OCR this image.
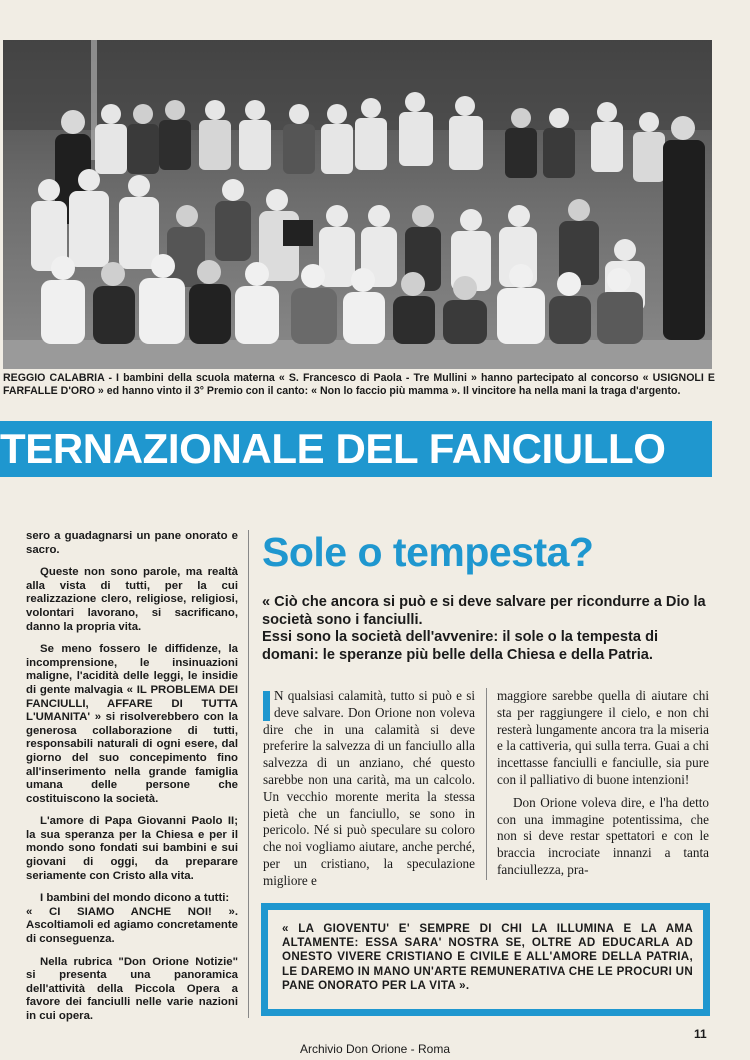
REGGIO CALABRIA - I bambini della scuola materna « S. Francesco di Paola - Tre Mullini » hanno partecipato al concorso « USIGNOLI E FARFALLE D'ORO » ed hanno vinto il 3° Premio con il canto: « Non lo faccio più mamma ». Il vincitore ha nella mani la traga d'argento.
TERNAZIONALE DEL FANCIULLO

sero a guadagnarsi un pane onorato e sacro.

Queste non sono parole, ma realtà alla vista di tutti, per la cui realizzazione clero, religiose, religiosi, volontari lavorano, si sacrificano, danno la propria vita.

Se meno fossero le diffidenze, la incomprensione, le insinuazioni maligne, l'acidità delle leggi, le insidie di gente malvagia « IL PROBLEMA DEI FANCIULLI, AFFARE DI TUTTA L'UMANITA' » si risolverebbero con la generosa collaborazione di tutti, responsabili naturali di ogni esere, dal giorno del suo concepimento fino all'inserimento nella grande famiglia umana delle persone che costituiscono la società.

L'amore di Papa Giovanni Paolo II; la sua speranza per la Chiesa e per il mondo sono fondati sui bambini e sui giovani di oggi, da preparare seriamente con Cristo alla vita.

I bambini del mondo dicono a tutti:

« CI SIAMO ANCHE NOI! ». Ascoltiamoli ed agiamo concretamente di conseguenza.

Nella rubrica "Don Orione Notizie" si presenta una panoramica dell'attività della Piccola Opera a favore dei fanciulli nelle varie nazioni in cui opera.

Sole o tempesta?

« Ciò che ancora si può e si deve salvare per ricondurre a Dio la società sono i fanciulli.

Essi sono la società dell'avvenire: il sole o la tempesta di domani: le speranze più belle della Chiesa e della Patria.

N qualsiasi calamità, tutto si può e si deve salvare. Don Orione non voleva dire che in una calamità si deve preferire la salvezza di un fanciullo alla salvezza di un anziano, ché questo sarebbe non una carità, ma un calcolo. Un vecchio morente merita la stessa pietà che un fanciullo, se sono in pericolo. Né si può speculare su coloro che noi vogliamo aiutare, anche perché, per un cristiano, la speculazione migliore e

maggiore sarebbe quella di aiutare chi sta per raggiungere il cielo, e non chi resterà lungamente ancora tra la miseria e la cattiveria, qui sulla terra. Guai a chi incettasse fanciulli e fanciulle, sia pure con il palliativo di buone intenzioni!

Don Orione voleva dire, e l'ha detto con una immagine potentissima, che non si deve restar spettatori e con le braccia incrociate innanzi a tanta fanciullezza, pra-

« LA GIOVENTU' E' SEMPRE DI CHI LA ILLUMINA E LA AMA ALTAMENTE: ESSA SARA' NOSTRA SE, OLTRE AD EDUCARLA AD ONESTO VIVERE CRISTIANO E CIVILE E ALL'AMORE DELLA PATRIA, LE DAREMO IN MANO UN'ARTE REMUNERATIVA CHE LE PROCURI UN PANE ONORATO PER LA VITA ».

11
Archivio Don Orione - Roma
